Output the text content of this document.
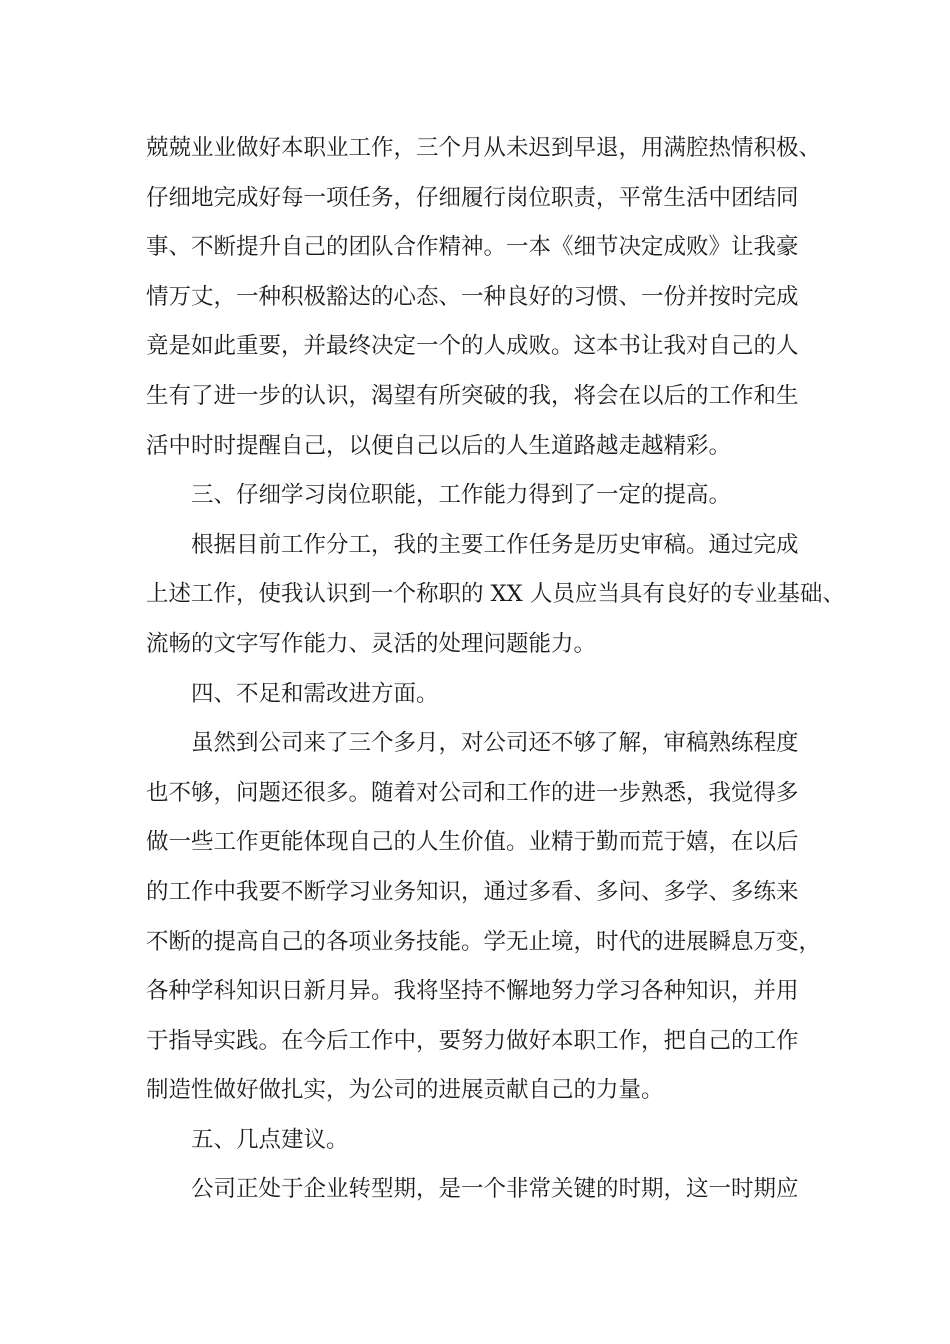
兢兢业业做好本职业工作，三个月从未迟到早退，用满腔热情积极、
仔细地完成好每一项任务，仔细履行岗位职责，平常生活中团结同
事、不断提升自己的团队合作精神。一本《细节决定成败》让我豪
情万丈，一种积极豁达的心态、一种良好的习惯、一份并按时完成
竟是如此重要，并最终决定一个的人成败。这本书让我对自己的人
生有了进一步的认识，渴望有所突破的我，将会在以后的工作和生
活中时时提醒自己，以便自己以后的人生道路越走越精彩。
三、仔细学习岗位职能，工作能力得到了一定的提高。
根据目前工作分工，我的主要工作任务是历史审稿。通过完成
上述工作，使我认识到一个称职的 XX 人员应当具有良好的专业基础、
流畅的文字写作能力、灵活的处理问题能力。
四、不足和需改进方面。
虽然到公司来了三个多月，对公司还不够了解，审稿熟练程度
也不够，问题还很多。随着对公司和工作的进一步熟悉，我觉得多
做一些工作更能体现自己的人生价值。业精于勤而荒于嬉，在以后
的工作中我要不断学习业务知识，通过多看、多问、多学、多练来
不断的提高自己的各项业务技能。学无止境，时代的进展瞬息万变，
各种学科知识日新月异。我将坚持不懈地努力学习各种知识，并用
于指导实践。在今后工作中，要努力做好本职工作，把自己的工作
制造性做好做扎实，为公司的进展贡献自己的力量。
五、几点建议。
公司正处于企业转型期，是一个非常关键的时期，这一时期应
